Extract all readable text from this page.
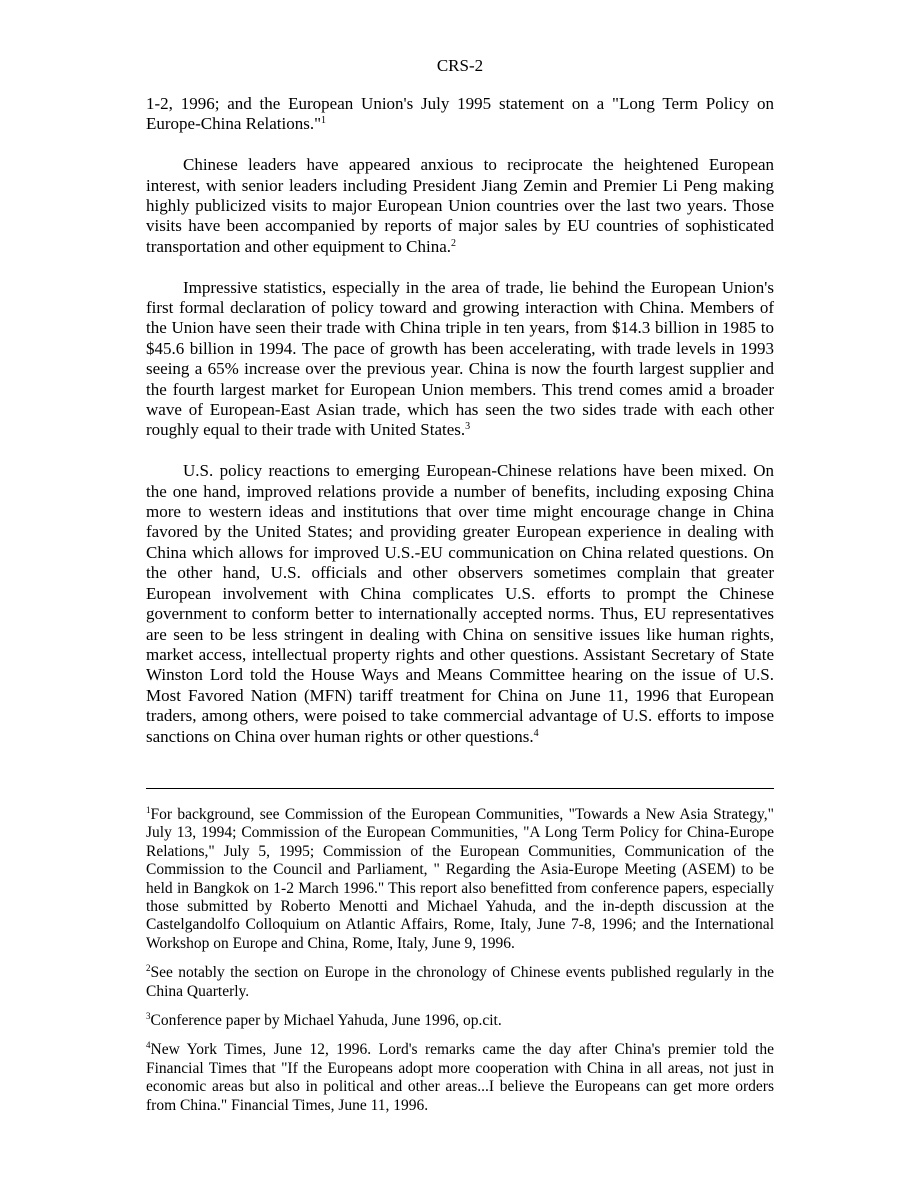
CRS-2

1-2, 1996; and the European Union's July 1995 statement on a "Long Term Policy on Europe-China Relations."$^1$

Chinese leaders have appeared anxious to reciprocate the heightened European interest, with senior leaders including President Jiang Zemin and Premier Li Peng making highly publicized visits to major European Union countries over the last two years. Those visits have been accompanied by reports of major sales by EU countries of sophisticated transportation and other equipment to China.$^2$

Impressive statistics, especially in the area of trade, lie behind the European Union's first formal declaration of policy toward and growing interaction with China. Members of the Union have seen their trade with China triple in ten years, from $14.3 billion in 1985 to $45.6 billion in 1994. The pace of growth has been accelerating, with trade levels in 1993 seeing a 65% increase over the previous year. China is now the fourth largest supplier and the fourth largest market for European Union members. This trend comes amid a broader wave of European-East Asian trade, which has seen the two sides trade with each other roughly equal to their trade with United States.$^3$

U.S. policy reactions to emerging European-Chinese relations have been mixed. On the one hand, improved relations provide a number of benefits, including exposing China more to western ideas and institutions that over time might encourage change in China favored by the United States; and providing greater European experience in dealing with China which allows for improved U.S.-EU communication on China related questions. On the other hand, U.S. officials and other observers sometimes complain that greater European involvement with China complicates U.S. efforts to prompt the Chinese government to conform better to internationally accepted norms. Thus, EU representatives are seen to be less stringent in dealing with China on sensitive issues like human rights, market access, intellectual property rights and other questions. Assistant Secretary of State Winston Lord told the House Ways and Means Committee hearing on the issue of U.S. Most Favored Nation (MFN) tariff treatment for China on June 11, 1996 that European traders, among others, were poised to take commercial advantage of U.S. efforts to impose sanctions on China over human rights or other questions.$^4$

$^1$For background, see Commission of the European Communities, "Towards a New Asia Strategy," July 13, 1994; Commission of the European Communities, "A Long Term Policy for China-Europe Relations," July 5, 1995; Commission of the European Communities, Communication of the Commission to the Council and Parliament, " Regarding the Asia-Europe Meeting (ASEM) to be held in Bangkok on 1-2 March 1996." This report also benefitted from conference papers, especially those submitted by Roberto Menotti and Michael Yahuda, and the in-depth discussion at the Castelgandolfo Colloquium on Atlantic Affairs, Rome, Italy, June 7-8, 1996; and the International Workshop on Europe and China, Rome, Italy, June 9, 1996.

$^2$See notably the section on Europe in the chronology of Chinese events published regularly in the China Quarterly.

$^3$Conference paper by Michael Yahuda, June 1996, op.cit.

$^4$New York Times, June 12, 1996. Lord's remarks came the day after China's premier told the Financial Times that "If the Europeans adopt more cooperation with China in all areas, not just in economic areas but also in political and other areas...I believe the Europeans can get more orders from China." Financial Times, June 11, 1996.
